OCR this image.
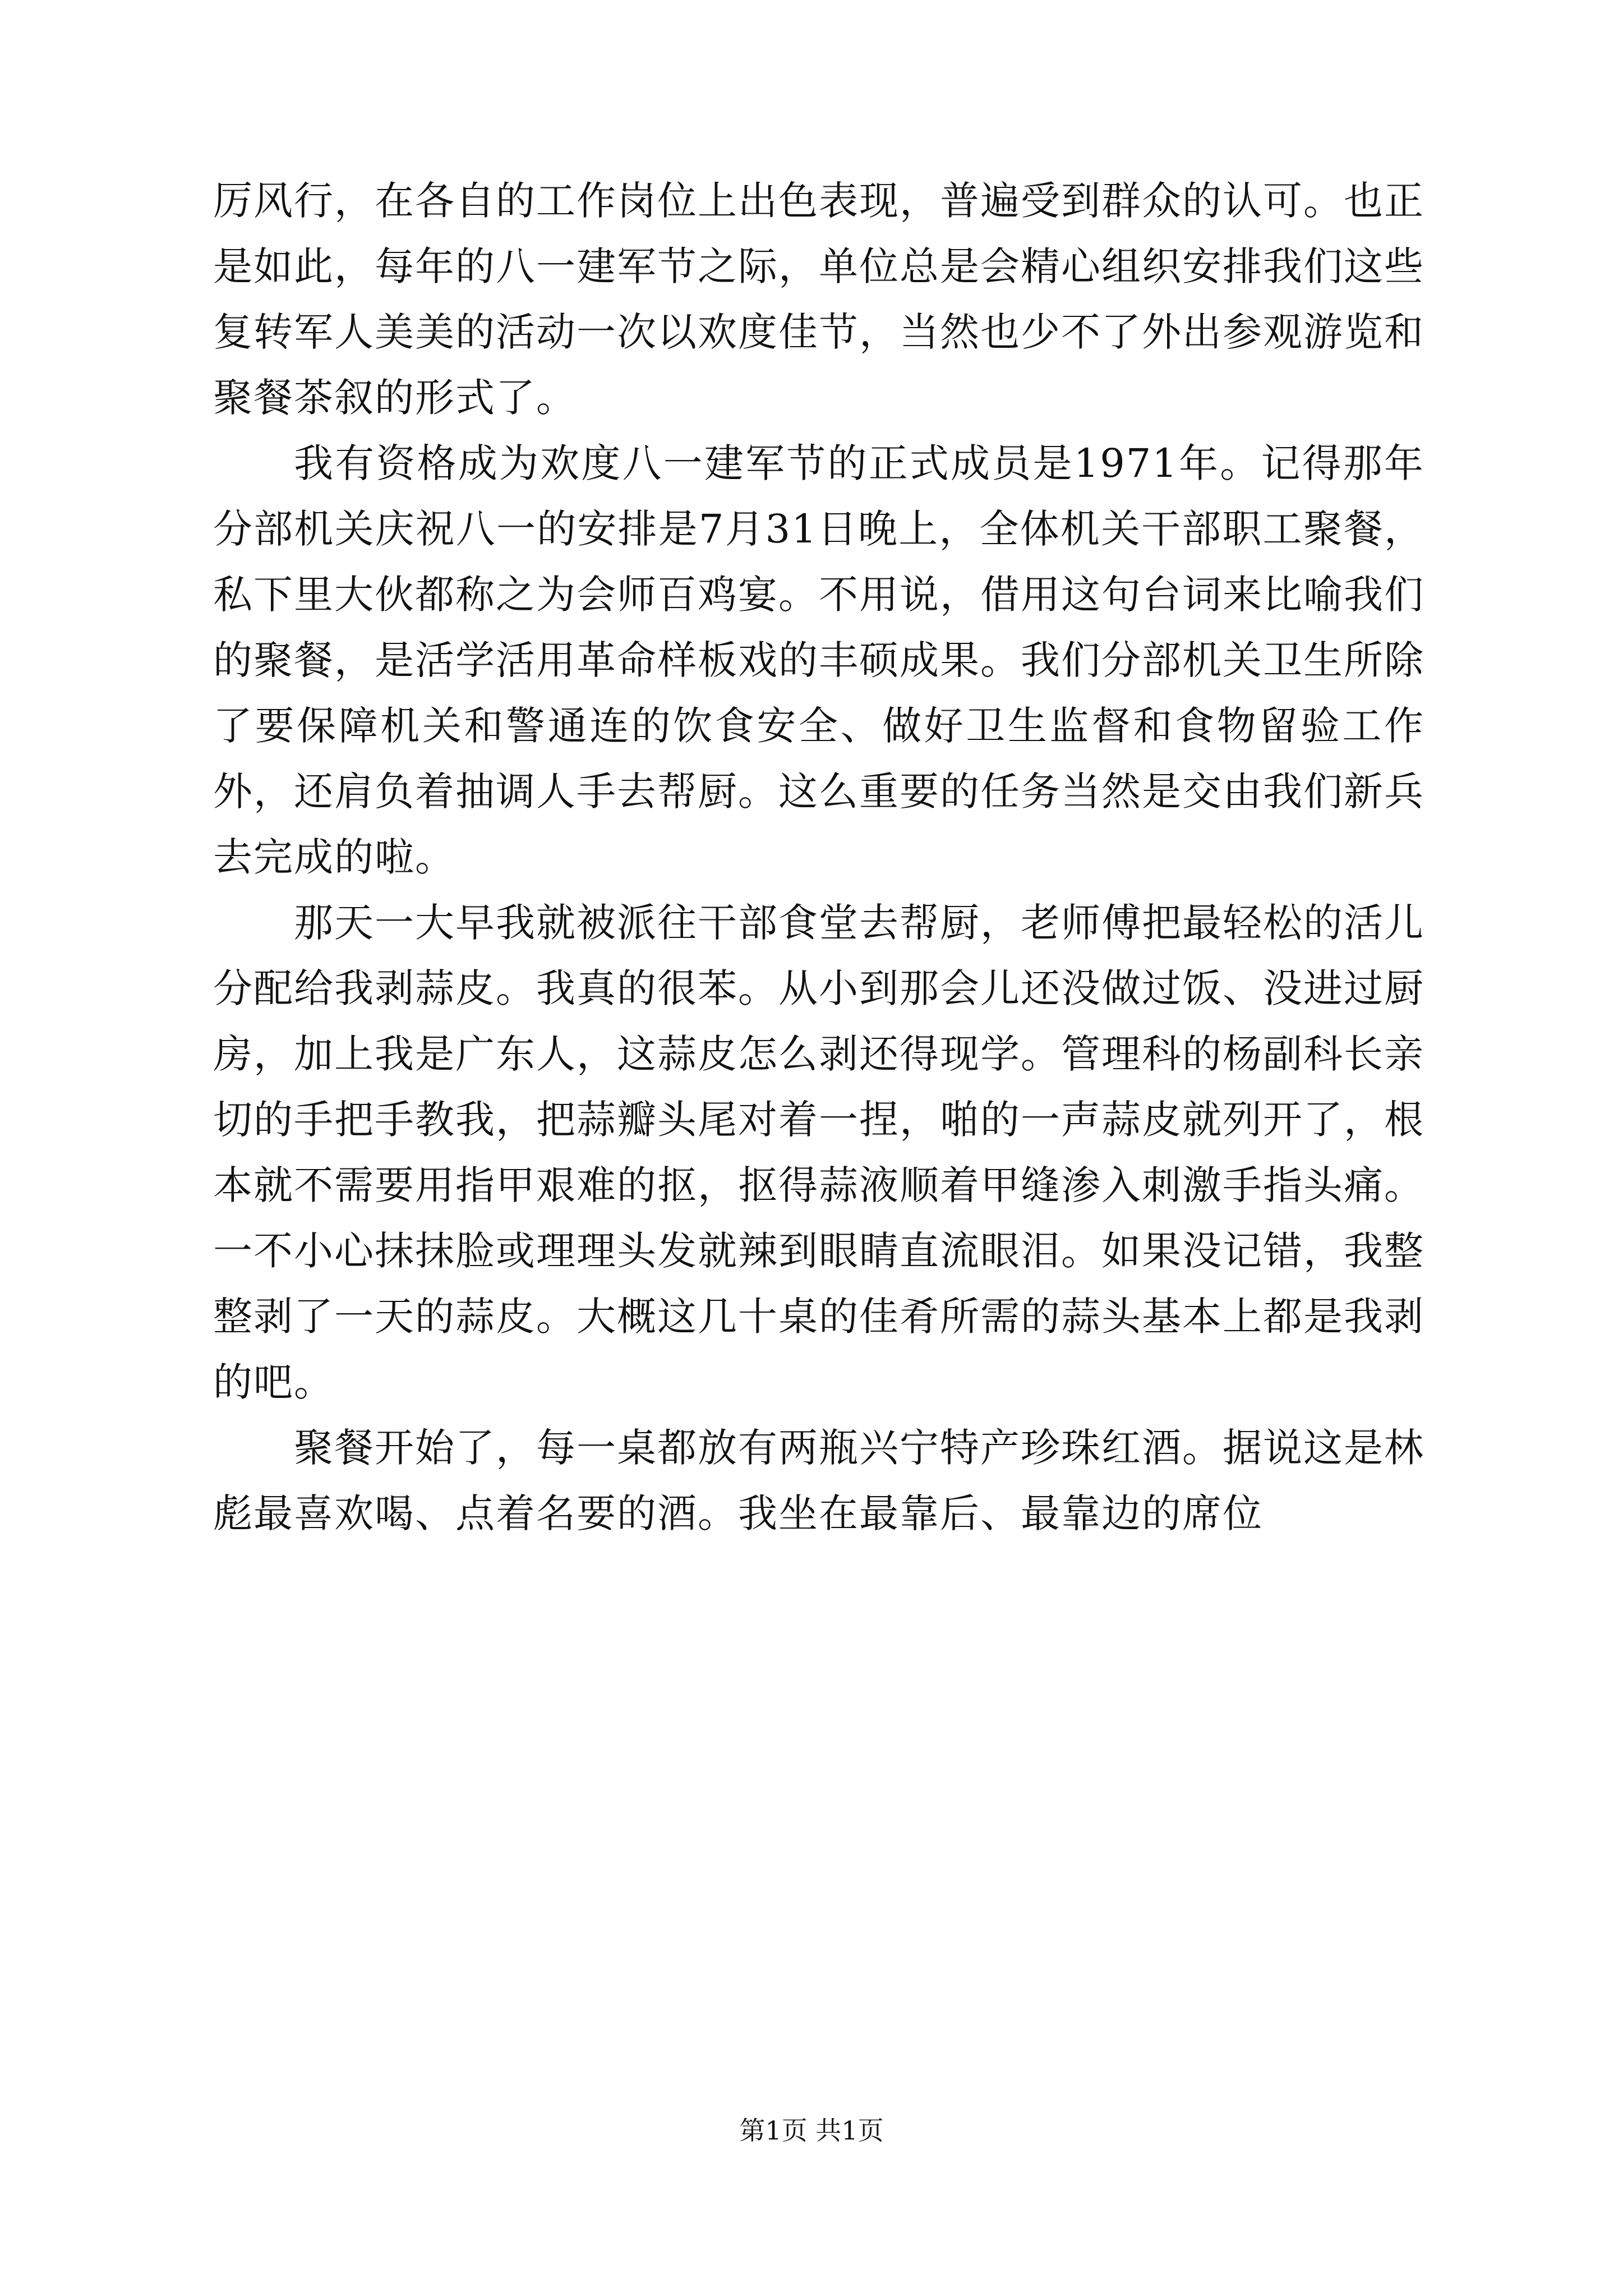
厉风行，在各自的工作岗位上出色表现，普遍受到群众的认可。也正是如此，每年的八一建军节之际，单位总是会精心组织安排我们这些复转军人美美的活动一次以欢度佳节，当然也少不了外出参观游览和聚餐茶叙的形式了。

我有资格成为欢度八一建军节的正式成员是1971年。记得那年分部机关庆祝八一的安排是7月31日晚上，全体机关干部职工聚餐，私下里大伙都称之为会师百鸡宴。不用说，借用这句台词来比喻我们的聚餐，是活学活用革命样板戏的丰硕成果。我们分部机关卫生所除了要保障机关和警通连的饮食安全、做好卫生监督和食物留验工作外，还肩负着抽调人手去帮厨。这么重要的任务当然是交由我们新兵去完成的啦。

那天一大早我就被派往干部食堂去帮厨，老师傅把最轻松的活儿分配给我剥蒜皮。我真的很苯。从小到那会儿还没做过饭、没进过厨房，加上我是广东人，这蒜皮怎么剥还得现学。管理科的杨副科长亲切的手把手教我，把蒜瓣头尾对着一捏，啪的一声蒜皮就列开了，根本就不需要用指甲艰难的抠，抠得蒜液顺着甲缝渗入刺激手指头痛。一不小心抹抹脸或理理头发就辣到眼睛直流眼泪。如果没记错，我整整剥了一天的蒜皮。大概这几十桌的佳肴所需的蒜头基本上都是我剥的吧。

聚餐开始了，每一桌都放有两瓶兴宁特产珍珠红酒。据说这是林彪最喜欢喝、点着名要的酒。我坐在最靠后、最靠边的席位

第1页 共1页
